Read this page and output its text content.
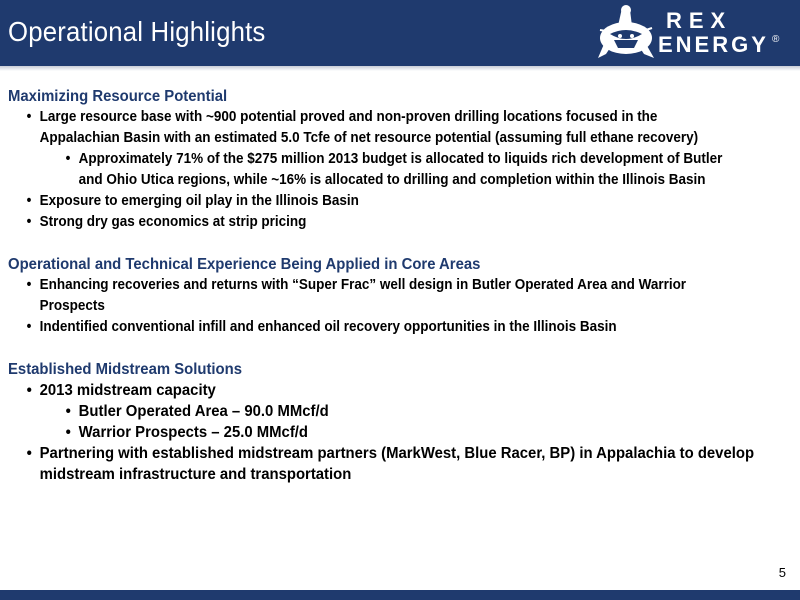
Operational Highlights	REX
ENERGY ®
Maximizing Resource Potential
• Large resource base with ~900 potential proved and non-proven drilling locations focused in the
Appalachian Basin with an estimated 5.0 Tcfe of net resource potential (assuming full ethane recovery)
• Approximately 71% of the $275 million 2013 budget is allocated to liquids rich development of Butler
and Ohio Utica regions, while ~16% is allocated to drilling and completion within the Illinois Basin
• Exposure to emerging oil play in the Illinois Basin
• Strong dry gas economics at strip pricing
Operational and Technical Experience Being Applied in Core Areas
• Enhancing recoveries and returns with “Super Frac” well design in Butler Operated Area and Warrior
Prospects
• Indentified conventional infill and enhanced oil recovery opportunities in the Illinois Basin
Established Midstream Solutions
• 2013 midstream capacity
• Butler Operated Area – 90.0 MMcf/d
• Warrior Prospects – 25.0 MMcf/d
• Partnering with established midstream partners (MarkWest, Blue Racer, BP) in Appalachia to develop
midstream infrastructure and transportation
5
